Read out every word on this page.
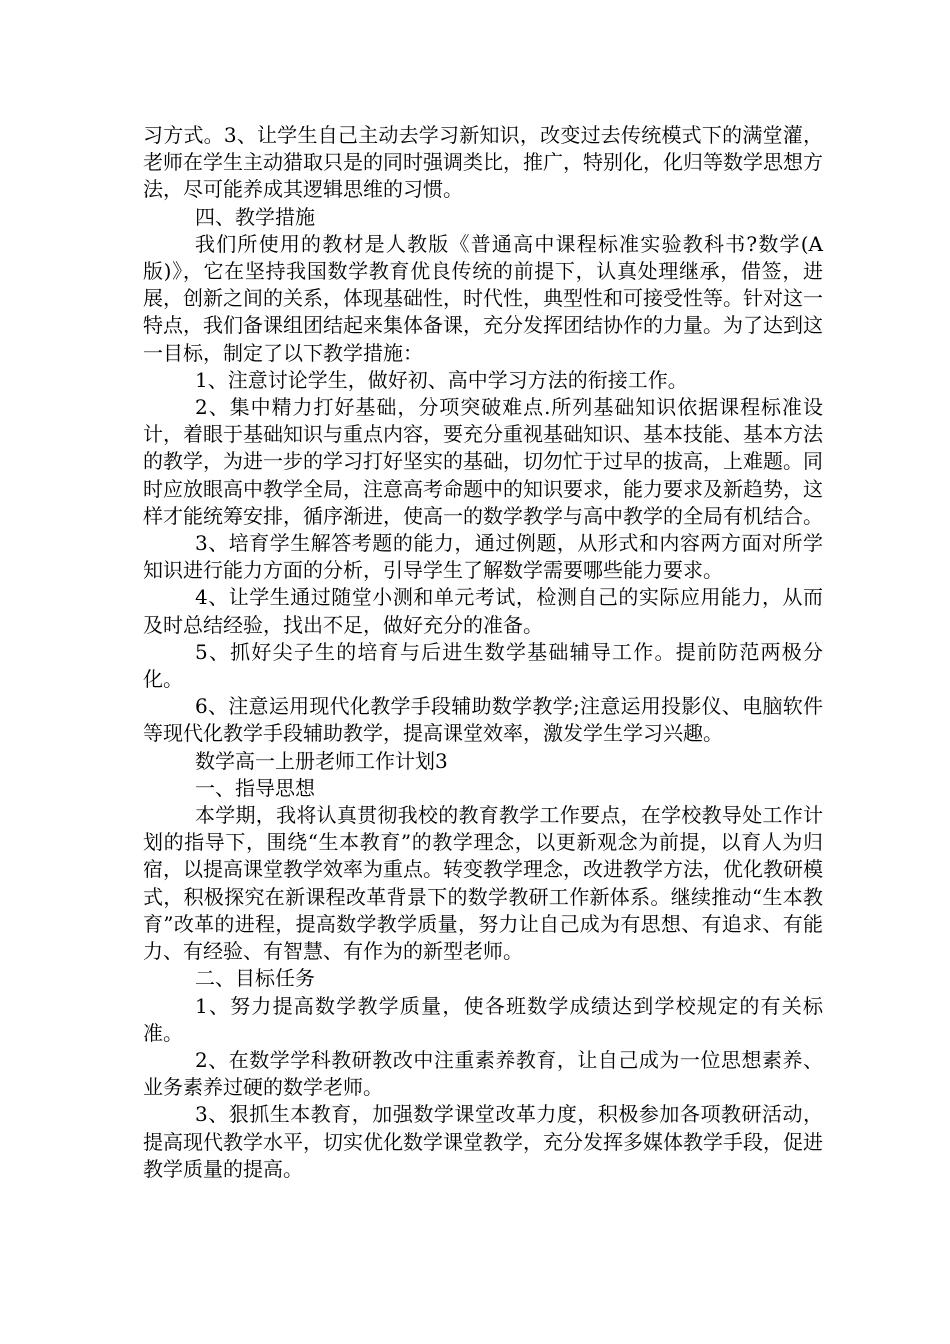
习方式。3、让学生自己主动去学习新知识，改变过去传统模式下的满堂灌，老师在学生主动猎取只是的同时强调类比，推广，特别化，化归等数学思想方法，尽可能养成其逻辑思维的习惯。

四、教学措施

我们所使用的教材是人教版《普通高中课程标准实验教科书?数学(A版)》，它在坚持我国数学教育优良传统的前提下，认真处理继承，借签，进展，创新之间的关系，体现基础性，时代性，典型性和可接受性等。针对这一特点，我们备课组团结起来集体备课，充分发挥团结协作的力量。为了达到这一目标，制定了以下教学措施：

1、注意讨论学生，做好初、高中学习方法的衔接工作。

2、集中精力打好基础，分项突破难点.所列基础知识依据课程标准设计，着眼于基础知识与重点内容，要充分重视基础知识、基本技能、基本方法的教学，为进一步的学习打好坚实的基础，切勿忙于过早的拔高，上难题。同时应放眼高中教学全局，注意高考命题中的知识要求，能力要求及新趋势，这样才能统筹安排，循序渐进，使高一的数学教学与高中教学的全局有机结合。

3、培育学生解答考题的能力，通过例题，从形式和内容两方面对所学知识进行能力方面的分析，引导学生了解数学需要哪些能力要求。

4、让学生通过随堂小测和单元考试，检测自己的实际应用能力，从而及时总结经验，找出不足，做好充分的准备。

5、抓好尖子生的培育与后进生数学基础辅导工作。提前防范两极分化。

6、注意运用现代化教学手段辅助数学教学;注意运用投影仪、电脑软件等现代化教学手段辅助教学，提高课堂效率，激发学生学习兴趣。

数学高一上册老师工作计划3

一、指导思想

本学期，我将认真贯彻我校的教育教学工作要点，在学校教导处工作计划的指导下，围绕“生本教育”的教学理念，以更新观念为前提，以育人为归宿，以提高课堂教学效率为重点。转变教学理念，改进教学方法，优化教研模式，积极探究在新课程改革背景下的数学教研工作新体系。继续推动“生本教育”改革的进程，提高数学教学质量，努力让自己成为有思想、有追求、有能力、有经验、有智慧、有作为的新型老师。

二、目标任务

1、努力提高数学教学质量，使各班数学成绩达到学校规定的有关标准。

2、在数学学科教研教改中注重素养教育，让自己成为一位思想素养、业务素养过硬的数学老师。

3、狠抓生本教育，加强数学课堂改革力度，积极参加各项教研活动，提高现代教学水平，切实优化数学课堂教学，充分发挥多媒体教学手段，促进教学质量的提高。
